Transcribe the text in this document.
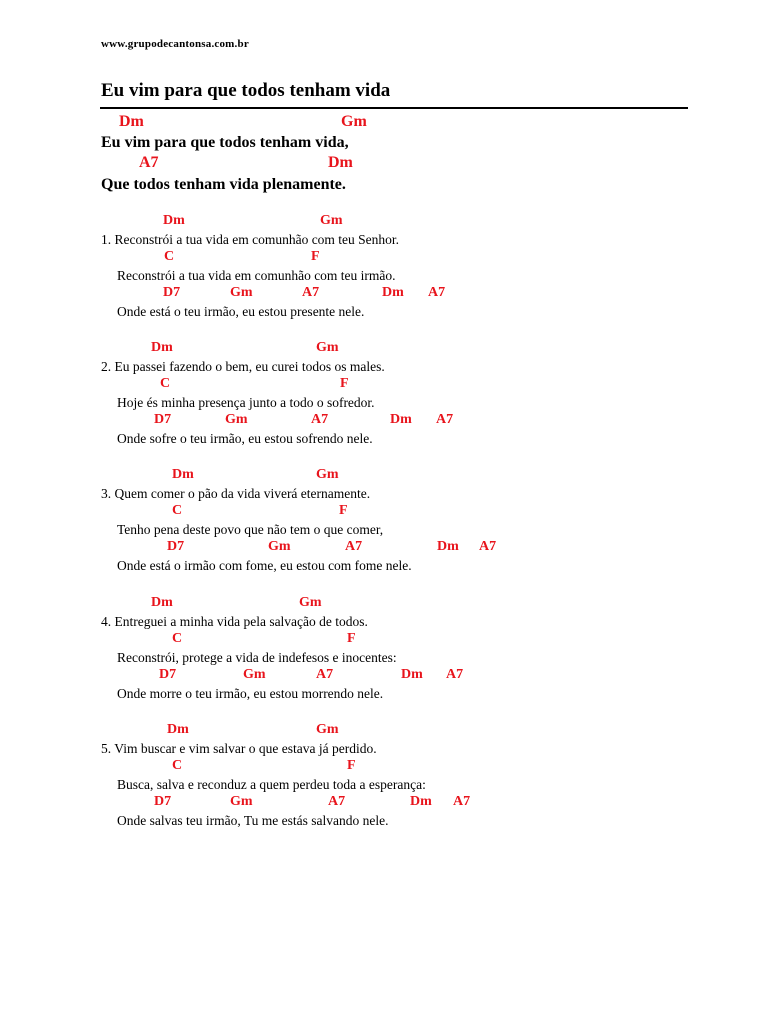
www.grupodecantonsa.com.br
Eu vim para que todos tenham vida
Dm	Gm
Eu vim para que todos tenham vida,
A7	Dm
Que todos tenham vida plenamente.
Dm	Gm
1. Reconstrói a tua vida em comunhão com teu Senhor.
C	F
Reconstrói a tua vida em comunhão com teu irmão.
D7	Gm	A7	Dm A7
Onde está o teu irmão, eu estou presente nele.
Dm	Gm
2. Eu passei fazendo o bem, eu curei todos os males.
C	F
Hoje és minha presença junto a todo o sofredor.
D7	Gm	A7	Dm A7
Onde sofre o teu irmão, eu estou sofrendo nele.
Dm	Gm
3. Quem comer o pão da vida viverá eternamente.
C	F
Tenho pena deste povo que não tem o que comer,
D7	Gm	A7	Dm A7
Onde está o irmão com fome, eu estou com fome nele.
Dm	Gm
4. Entreguei a minha vida pela salvação de todos.
C	F
Reconstrói, protege a vida de indefesos e inocentes:
D7	Gm	A7	Dm A7
Onde morre o teu irmão, eu estou morrendo nele.
Dm	Gm
5. Vim buscar e vim salvar o que estava já perdido.
C	F
Busca, salva e reconduz a quem perdeu toda a esperança:
D7	Gm	A7	Dm A7
Onde salvas teu irmão, Tu me estás salvando nele.
